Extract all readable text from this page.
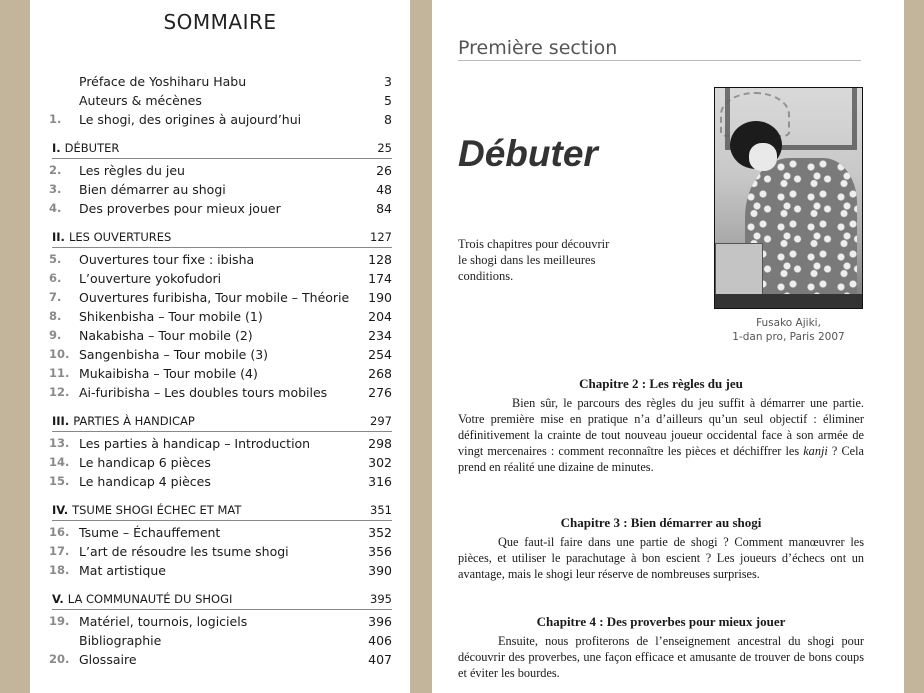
SOMMAIRE
Préface de Yoshiharu Habu	3
Auteurs & mécènes	5
1.	Le shogi, des origines à aujourd’hui	8
I. DÉBUTER	25
2.	Les règles du jeu	26
3.	Bien démarrer au shogi	48
4.	Des proverbes pour mieux jouer	84
II. LES OUVERTURES	127
5.	Ouvertures tour fixe : ibisha	128
6.	L’ouverture yokofudori	174
7.	Ouvertures furibisha, Tour mobile – Théorie	190
8.	Shikenbisha – Tour mobile (1)	204
9.	Nakabisha – Tour mobile (2)	234
10. Sangenbisha – Tour mobile (3)	254
11. Mukaibisha – Tour mobile (4)	268
12. Ai-furibisha – Les doubles tours mobiles	276
III. PARTIES À HANDICAP	297
13. Les parties à handicap – Introduction	298
14. Le handicap 6 pièces	302
15. Le handicap 4 pièces	316
IV. TSUME SHOGI ÉCHEC ET MAT	351
16. Tsume – Échauffement	352
17. L’art de résoudre les tsume shogi	356
18. Mat artistique	390
V. LA COMMUNAUTÉ DU SHOGI	395
19. Matériel, tournois, logiciels	396
Bibliographie	406
20. Glossaire	407
Première section
Débuter
Trois chapitres pour découvrir le shogi dans les meilleures conditions.
Fusako Ajiki,
1-dan pro, Paris 2007
Chapitre 2 : Les règles du jeu

Bien sûr, le parcours des règles du jeu suffit à démarrer une partie. Votre première mise en pratique n’a d’ailleurs qu’un seul objectif : éliminer définitivement la crainte de tout nouveau joueur occidental face à son armée de vingt mercenaires : comment reconnaître les pièces et déchiffrer les kanji ? Cela prend en réalité une dizaine de minutes.

Chapitre 3 : Bien démarrer au shogi

Que faut-il faire dans une partie de shogi ? Comment manœuvrer les pièces, et utiliser le parachutage à bon escient ? Les joueurs d’échecs ont un avantage, mais le shogi leur réserve de nombreuses surprises.

Chapitre 4 : Des proverbes pour mieux jouer

Ensuite, nous profiterons de l’enseignement ancestral du shogi pour découvrir des proverbes, une façon efficace et amusante de trouver de bons coups et éviter les bourdes.
